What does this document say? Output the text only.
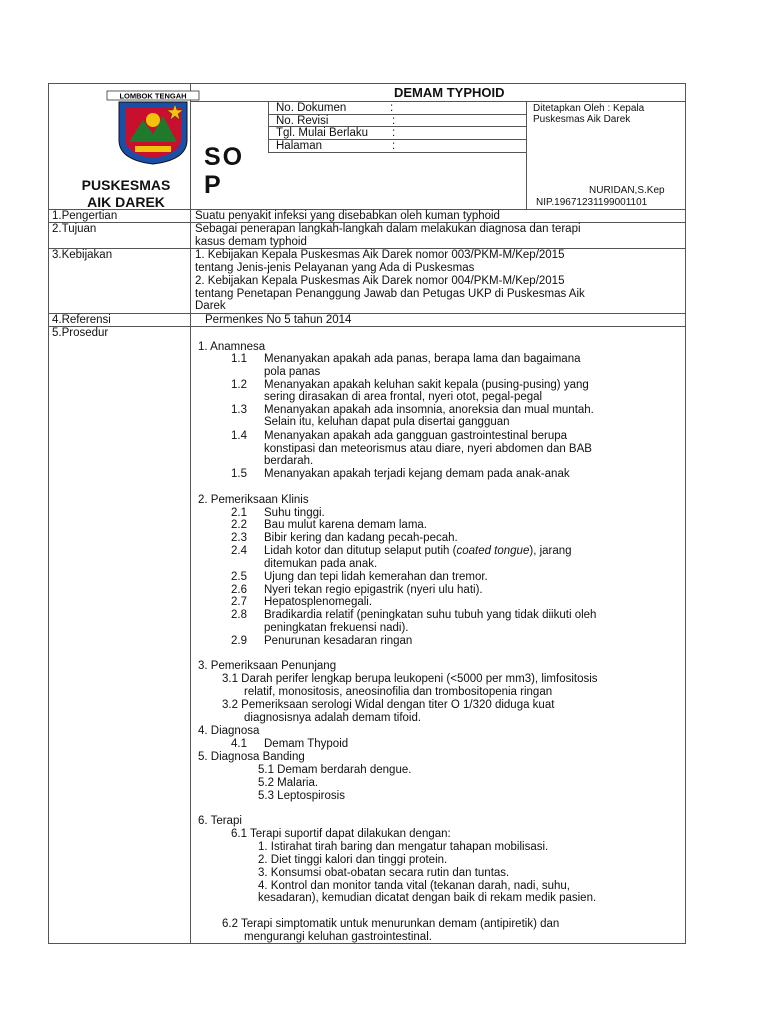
DEMAM TYPHOID
LOMBOK TENGAH
SO
P
PUSKESMAS
AIK DAREK
No. Dokumen	:
No. Revisi	:
Tgl. Mulai Berlaku :
Halaman	:
Ditetapkan Oleh : Kepala
Puskesmas Aik Darek
NURIDAN,S.Kep
NIP.19671231199001101
1.Pengertian	Suatu penyakit infeksi yang disebabkan oleh kuman typhoid
2.Tujuan	Sebagai penerapan langkah-langkah dalam melakukan diagnosa dan terapi
kasus demam typhoid
3.Kebijakan	1. Kebijakan Kepala Puskesmas Aik Darek nomor 003/PKM-M/Kep/2015
tentang Jenis-jenis Pelayanan yang Ada di Puskesmas
2. Kebijakan Kepala Puskesmas Aik Darek nomor 004/PKM-M/Kep/2015
tentang Penetapan Penanggung Jawab dan Petugas UKP di Puskesmas Aik
Darek
4.Referensi	Permenkes No 5 tahun 2014
5.Prosedur
1. Anamnesa
1.1 Menanyakan apakah ada panas, berapa lama dan bagaimana
pola panas
1.2 Menanyakan apakah keluhan sakit kepala (pusing-pusing) yang
sering dirasakan di area frontal, nyeri otot, pegal-pegal
1.3 Menanyakan apakah ada insomnia, anoreksia dan mual muntah.
Selain itu, keluhan dapat pula disertai gangguan
1.4 Menanyakan apakah ada gangguan gastrointestinal berupa
konstipasi dan meteorismus atau diare, nyeri abdomen dan BAB
berdarah.
1.5 Menanyakan apakah terjadi kejang demam pada anak-anak
2. Pemeriksaan Klinis
2.1 Suhu tinggi.
2.2 Bau mulut karena demam lama.
2.3 Bibir kering dan kadang pecah-pecah.
2.4 Lidah kotor dan ditutup selaput putih (coated tongue), jarang
ditemukan pada anak.
2.5 Ujung dan tepi lidah kemerahan dan tremor.
2.6 Nyeri tekan regio epigastrik (nyeri ulu hati).
2.7 Hepatosplenomegali.
2.8 Bradikardia relatif (peningkatan suhu tubuh yang tidak diikuti oleh
peningkatan frekuensi nadi).
2.9 Penurunan kesadaran ringan
3. Pemeriksaan Penunjang
3.1 Darah perifer lengkap berupa leukopeni (<5000 per mm3), limfositosis
relatif, monositosis, aneosinofilia dan trombositopenia ringan
3.2 Pemeriksaan serologi Widal dengan titer O 1/320 diduga kuat
diagnosisnya adalah demam tifoid.
4. Diagnosa
4.1 Demam Thypoid
5. Diagnosa Banding
5.1 Demam berdarah dengue.
5.2 Malaria.
5.3 Leptospirosis
6. Terapi
6.1 Terapi suportif dapat dilakukan dengan:
1. Istirahat tirah baring dan mengatur tahapan mobilisasi.
2. Diet tinggi kalori dan tinggi protein.
3. Konsumsi obat-obatan secara rutin dan tuntas.
4. Kontrol dan monitor tanda vital (tekanan darah, nadi, suhu,
kesadaran), kemudian dicatat dengan baik di rekam medik pasien.
6.2 Terapi simptomatik untuk menurunkan demam (antipiretik) dan
mengurangi keluhan gastrointestinal.
